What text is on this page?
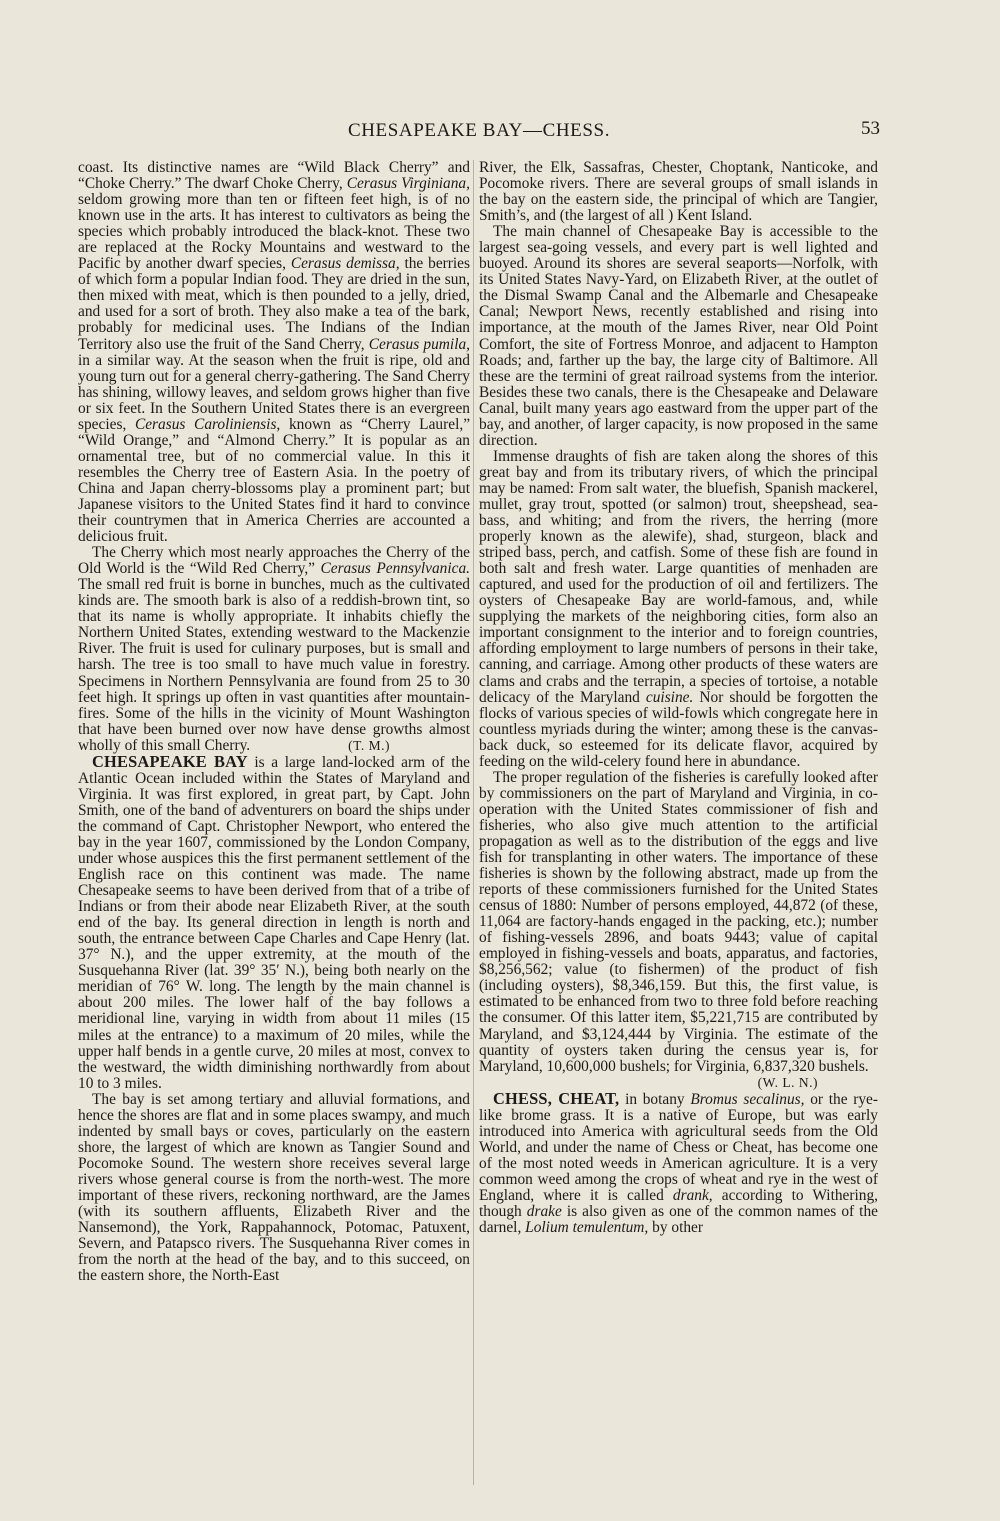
CHESAPEAKE BAY—CHESS.	53

coast. Its distinctive names are “Wild Black Cherry” and “Choke Cherry.” The dwarf Choke Cherry, Cerasus Virginiana, seldom growing more than ten or fifteen feet high, is of no known use in the arts. It has interest to cultivators as being the species which probably introduced the black-knot. These two are replaced at the Rocky Mountains and westward to the Pacific by another dwarf species, Cerasus demissa, the berries of which form a popular Indian food. They are dried in the sun, then mixed with meat, which is then pounded to a jelly, dried, and used for a sort of broth. They also make a tea of the bark, probably for medicinal uses. The Indians of the Indian Territory also use the fruit of the Sand Cherry, Cerasus pumila, in a similar way. At the season when the fruit is ripe, old and young turn out for a general cherry-gathering. The Sand Cherry has shining, willowy leaves, and seldom grows higher than five or six feet. In the Southern United States there is an evergreen species, Cerasus Caroliniensis, known as “Cherry Laurel,” “Wild Orange,” and “Almond Cherry.” It is popular as an ornamental tree, but of no commercial value. In this it resembles the Cherry tree of Eastern Asia. In the poetry of China and Japan cherry-blossoms play a prominent part; but Japanese visitors to the United States find it hard to convince their countrymen that in America Cherries are accounted a delicious fruit.

The Cherry which most nearly approaches the Cherry of the Old World is the “Wild Red Cherry,” Cerasus Pennsylvanica. The small red fruit is borne in bunches, much as the cultivated kinds are. The smooth bark is also of a reddish-brown tint, so that its name is wholly appropriate. It inhabits chiefly the Northern United States, extending westward to the Mackenzie River. The fruit is used for culinary purposes, but is small and harsh. The tree is too small to have much value in forestry. Specimens in Northern Pennsylvania are found from 25 to 30 feet high. It springs up often in vast quantities after mountain-fires. Some of the hills in the vicinity of Mount Washington that have been burned over now have dense growths almost wholly of this small Cherry.	(T. M.)

CHESAPEAKE BAY is a large land-locked arm of the Atlantic Ocean included within the States of Maryland and Virginia. It was first explored, in great part, by Capt. John Smith, one of the band of adventurers on board the ships under the command of Capt. Christopher Newport, who entered the bay in the year 1607, commissioned by the London Company, under whose auspices this the first permanent settlement of the English race on this continent was made. The name Chesapeake seems to have been derived from that of a tribe of Indians or from their abode near Elizabeth River, at the south end of the bay. Its general direction in length is north and south, the entrance between Cape Charles and Cape Henry (lat. 37° N.), and the upper extremity, at the mouth of the Susquehanna River (lat. 39° 35′ N.), being both nearly on the meridian of 76° W. long. The length by the main channel is about 200 miles. The lower half of the bay follows a meridional line, varying in width from about 11 miles (15 miles at the entrance) to a maximum of 20 miles, while the upper half bends in a gentle curve, 20 miles at most, convex to the westward, the width diminishing northwardly from about 10 to 3 miles.

The bay is set among tertiary and alluvial formations, and hence the shores are flat and in some places swampy, and much indented by small bays or coves, particularly on the eastern shore, the largest of which are known as Tangier Sound and Pocomoke Sound. The western shore receives several large rivers whose general course is from the north-west. The more important of these rivers, reckoning northward, are the James (with its southern affluents, Elizabeth River and the Nansemond), the York, Rappahannock, Potomac, Patuxent, Severn, and Patapsco rivers. The Susquehanna River comes in from the north at the head of the bay, and to this succeed, on the eastern shore, the North-East

River, the Elk, Sassafras, Chester, Choptank, Nanticoke, and Pocomoke rivers. There are several groups of small islands in the bay on the eastern side, the principal of which are Tangier, Smith’s, and (the largest of all ) Kent Island.

The main channel of Chesapeake Bay is accessible to the largest sea-going vessels, and every part is well lighted and buoyed. Around its shores are several seaports—Norfolk, with its United States Navy-Yard, on Elizabeth River, at the outlet of the Dismal Swamp Canal and the Albemarle and Chesapeake Canal; Newport News, recently established and rising into importance, at the mouth of the James River, near Old Point Comfort, the site of Fortress Monroe, and adjacent to Hampton Roads; and, farther up the bay, the large city of Baltimore. All these are the termini of great railroad systems from the interior. Besides these two canals, there is the Chesapeake and Delaware Canal, built many years ago eastward from the upper part of the bay, and another, of larger capacity, is now proposed in the same direction.

Immense draughts of fish are taken along the shores of this great bay and from its tributary rivers, of which the principal may be named: From salt water, the bluefish, Spanish mackerel, mullet, gray trout, spotted (or salmon) trout, sheepshead, sea-bass, and whiting; and from the rivers, the herring (more properly known as the alewife), shad, sturgeon, black and striped bass, perch, and catfish. Some of these fish are found in both salt and fresh water. Large quantities of menhaden are captured, and used for the production of oil and fertilizers. The oysters of Chesapeake Bay are world-famous, and, while supplying the markets of the neighboring cities, form also an important consignment to the interior and to foreign countries, affording employment to large numbers of persons in their take, canning, and carriage. Among other products of these waters are clams and crabs and the terrapin, a species of tortoise, a notable delicacy of the Maryland cuisine. Nor should be forgotten the flocks of various species of wild-fowls which congregate here in countless myriads during the winter; among these is the canvas-back duck, so esteemed for its delicate flavor, acquired by feeding on the wild-celery found here in abundance.

The proper regulation of the fisheries is carefully looked after by commissioners on the part of Maryland and Virginia, in co-operation with the United States commissioner of fish and fisheries, who also give much attention to the artificial propagation as well as to the distribution of the eggs and live fish for transplanting in other waters. The importance of these fisheries is shown by the following abstract, made up from the reports of these commissioners furnished for the United States census of 1880: Number of persons employed, 44,872 (of these, 11,064 are factory-hands engaged in the packing, etc.); number of fishing-vessels 2896, and boats 9443; value of capital employed in fishing-vessels and boats, apparatus, and factories, $8,256,562; value (to fishermen) of the product of fish (including oysters), $8,346,159. But this, the first value, is estimated to be enhanced from two to three fold before reaching the consumer. Of this latter item, $5,221,715 are contributed by Maryland, and $3,124,444 by Virginia. The estimate of the quantity of oysters taken during the census year is, for Maryland, 10,600,000 bushels; for Virginia, 6,837,320 bushels.

(W. L. N.)

CHESS, CHEAT, in botany Bromus secalinus, or the rye-like brome grass. It is a native of Europe, but was early introduced into America with agricultural seeds from the Old World, and under the name of Chess or Cheat, has become one of the most noted weeds in American agriculture. It is a very common weed among the crops of wheat and rye in the west of England, where it is called drank, according to Withering, though drake is also given as one of the common names of the darnel, Lolium temulentum, by other
